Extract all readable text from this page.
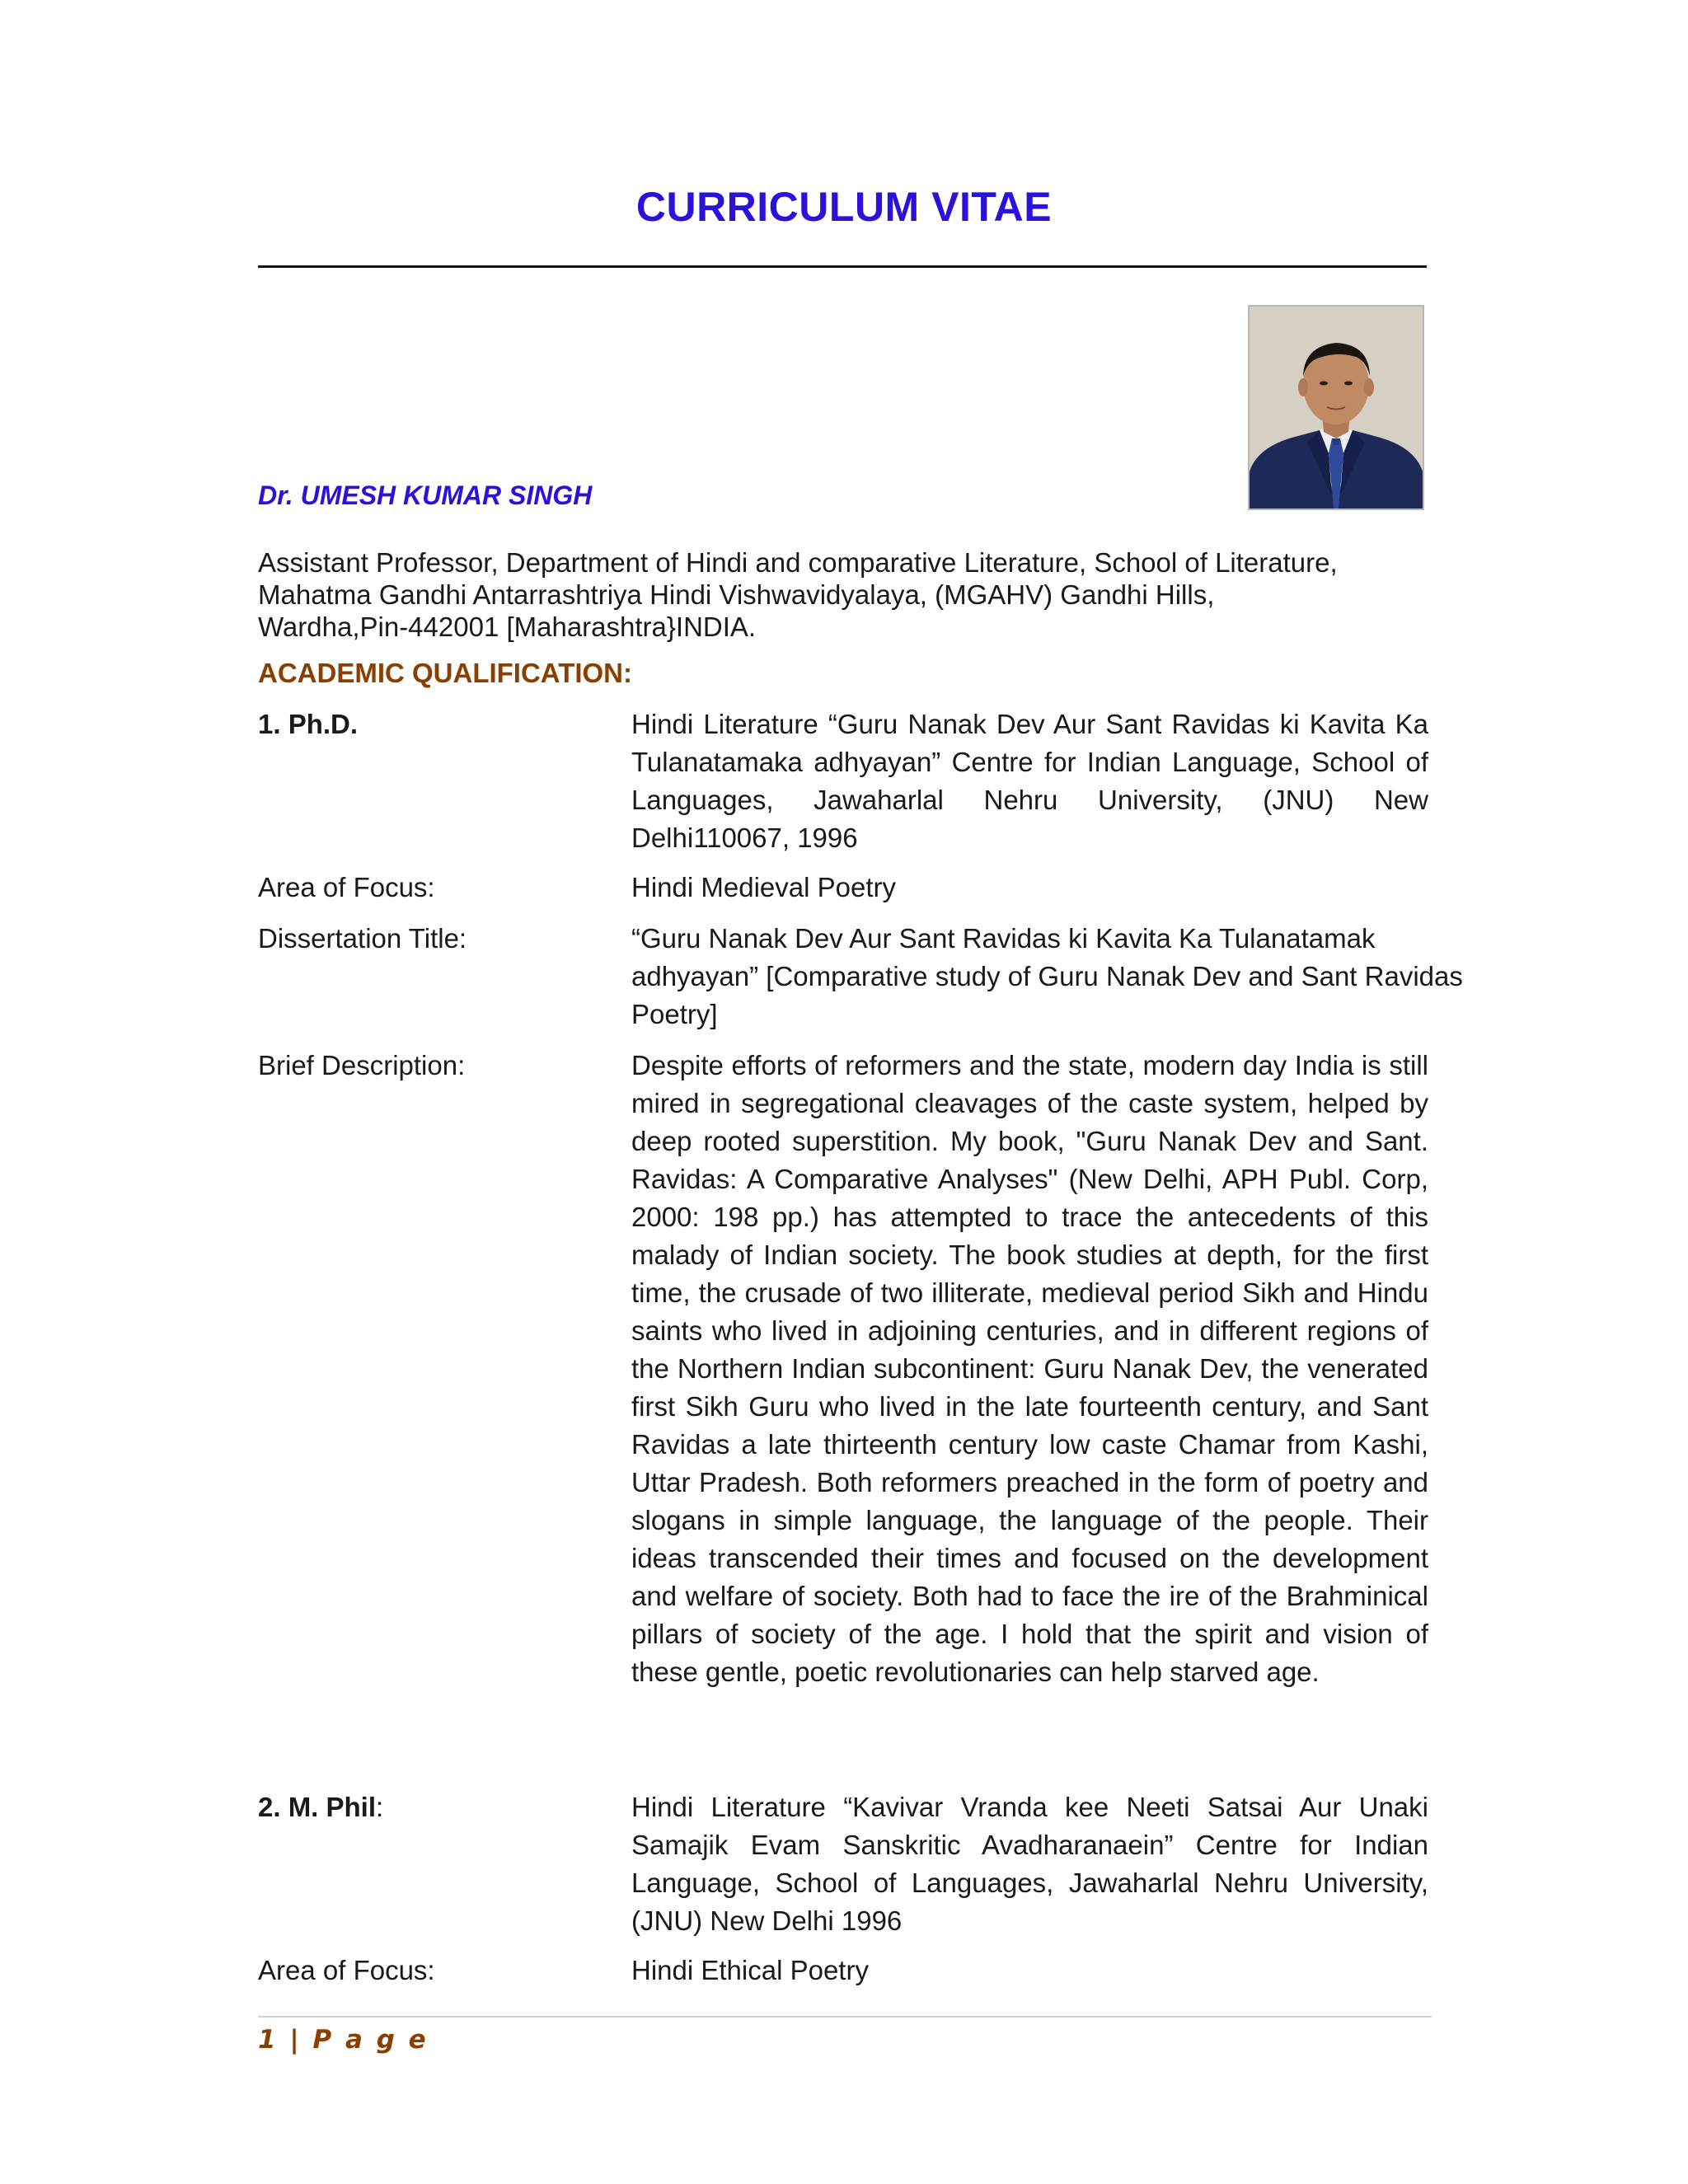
CURRICULUM VITAE
Dr. UMESH KUMAR SINGH
Assistant Professor, Department of Hindi and comparative Literature, School of Literature,
Mahatma Gandhi Antarrashtriya Hindi Vishwavidyalaya, (MGAHV) Gandhi Hills,
Wardha,Pin-442001 [Maharashtra}INDIA.
ACADEMIC QUALIFICATION:
1. Ph.D.	Hindi Literature “Guru Nanak Dev Aur Sant Ravidas ki Kavita Ka Tulanatamaka adhyayan” Centre for Indian Language, School of Languages, Jawaharlal Nehru University, (JNU) New Delhi110067, 1996
Area of Focus:	Hindi Medieval Poetry
Dissertation Title:	“Guru Nanak Dev Aur Sant Ravidas ki Kavita Ka Tulanatamak
adhyayan” [Comparative study of Guru Nanak Dev and Sant Ravidas
Poetry]
Brief Description:	Despite efforts of reformers and the state, modern day India is still mired in segregational cleavages of the caste system, helped by deep rooted superstition. My book, "Guru Nanak Dev and Sant. Ravidas: A Comparative Analyses" (New Delhi, APH Publ. Corp, 2000: 198 pp.) has attempted to trace the antecedents of this malady of Indian society. The book studies at depth, for the first time, the crusade of two illiterate, medieval period Sikh and Hindu saints who lived in adjoining centuries, and in different regions of the Northern Indian subcontinent: Guru Nanak Dev, the venerated first Sikh Guru who lived in the late fourteenth century, and Sant Ravidas a late thirteenth century low caste Chamar from Kashi, Uttar Pradesh. Both reformers preached in the form of poetry and slogans in simple language, the language of the people. Their ideas transcended their times and focused on the development and welfare of society. Both had to face the ire of the Brahminical pillars of society of the age. I hold that the spirit and vision of these gentle, poetic revolutionaries can help starved age.
2. M. Phil:	Hindi Literature “Kavivar Vranda kee Neeti Satsai Aur Unaki Samajik Evam Sanskritic Avadharanaein” Centre for Indian Language, School of Languages, Jawaharlal Nehru University, (JNU) New Delhi 1996
Area of Focus:	Hindi Ethical Poetry
1 | P a g e
